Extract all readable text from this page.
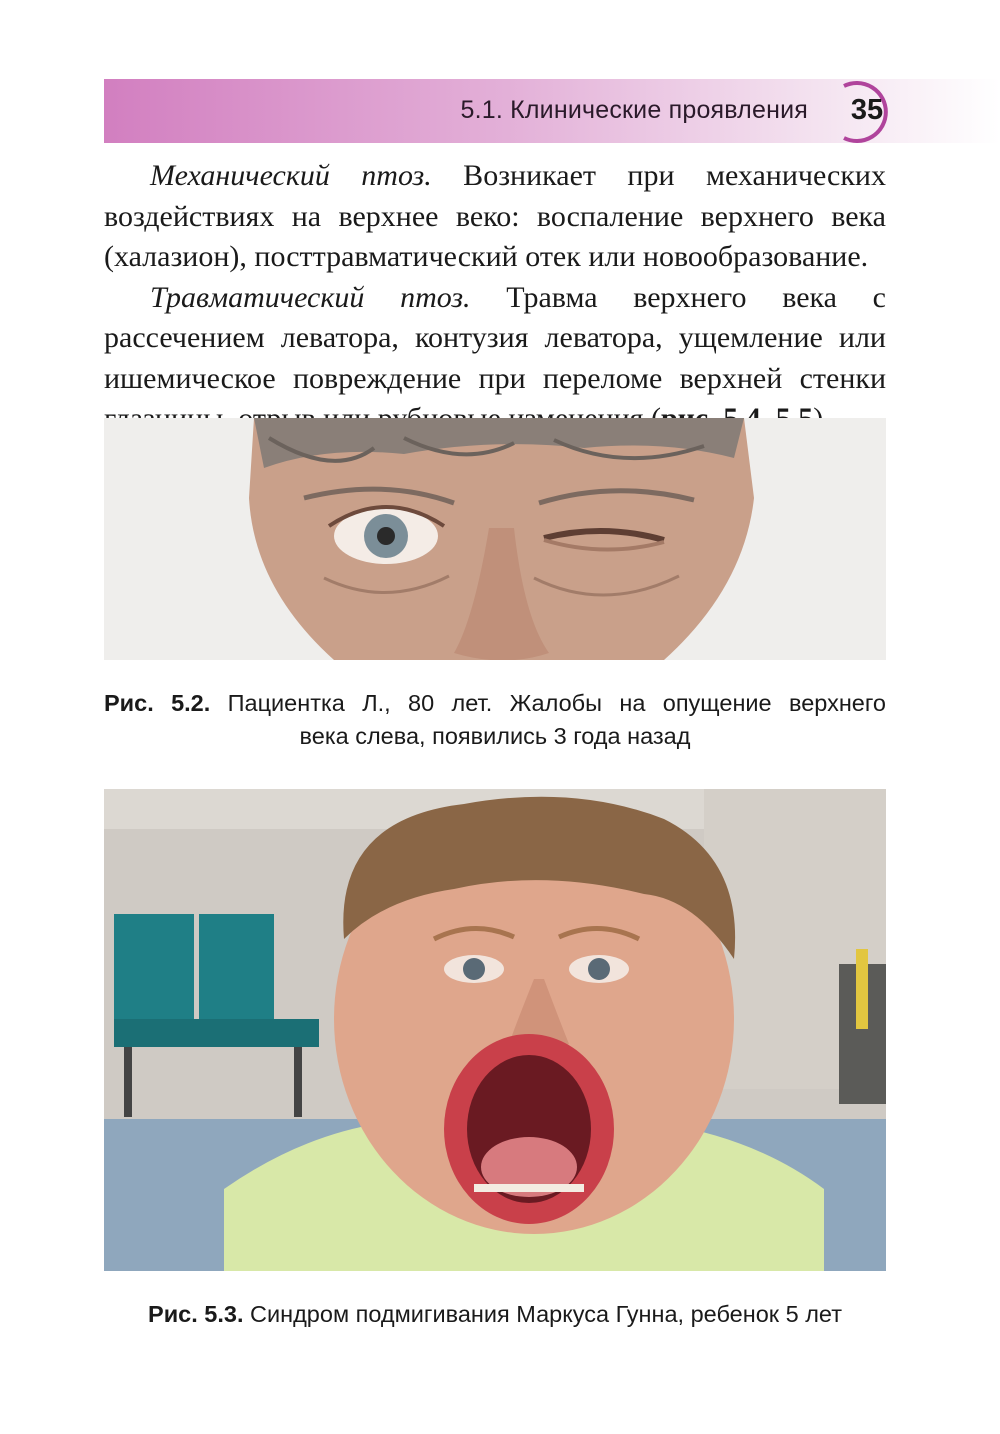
5.1. Клинические проявления	35

Механический птоз. Возникает при механических воздействиях на верхнее веко: воспаление верхнего века (халазион), посттравматический отек или новообразование.

Травматический птоз. Травма верхнего века с рассечением леватора, контузия леватора, ущемление или ишемическое повреждение при переломе верхней стенки

Рис. 5.2. Пациентка Л., 80 лет. Жалобы на опущение верхнего
века слева, появились 3 года назад
Рис. 5.3. Синдром подмигивания Маркуса Гунна, ребенок 5 лет
